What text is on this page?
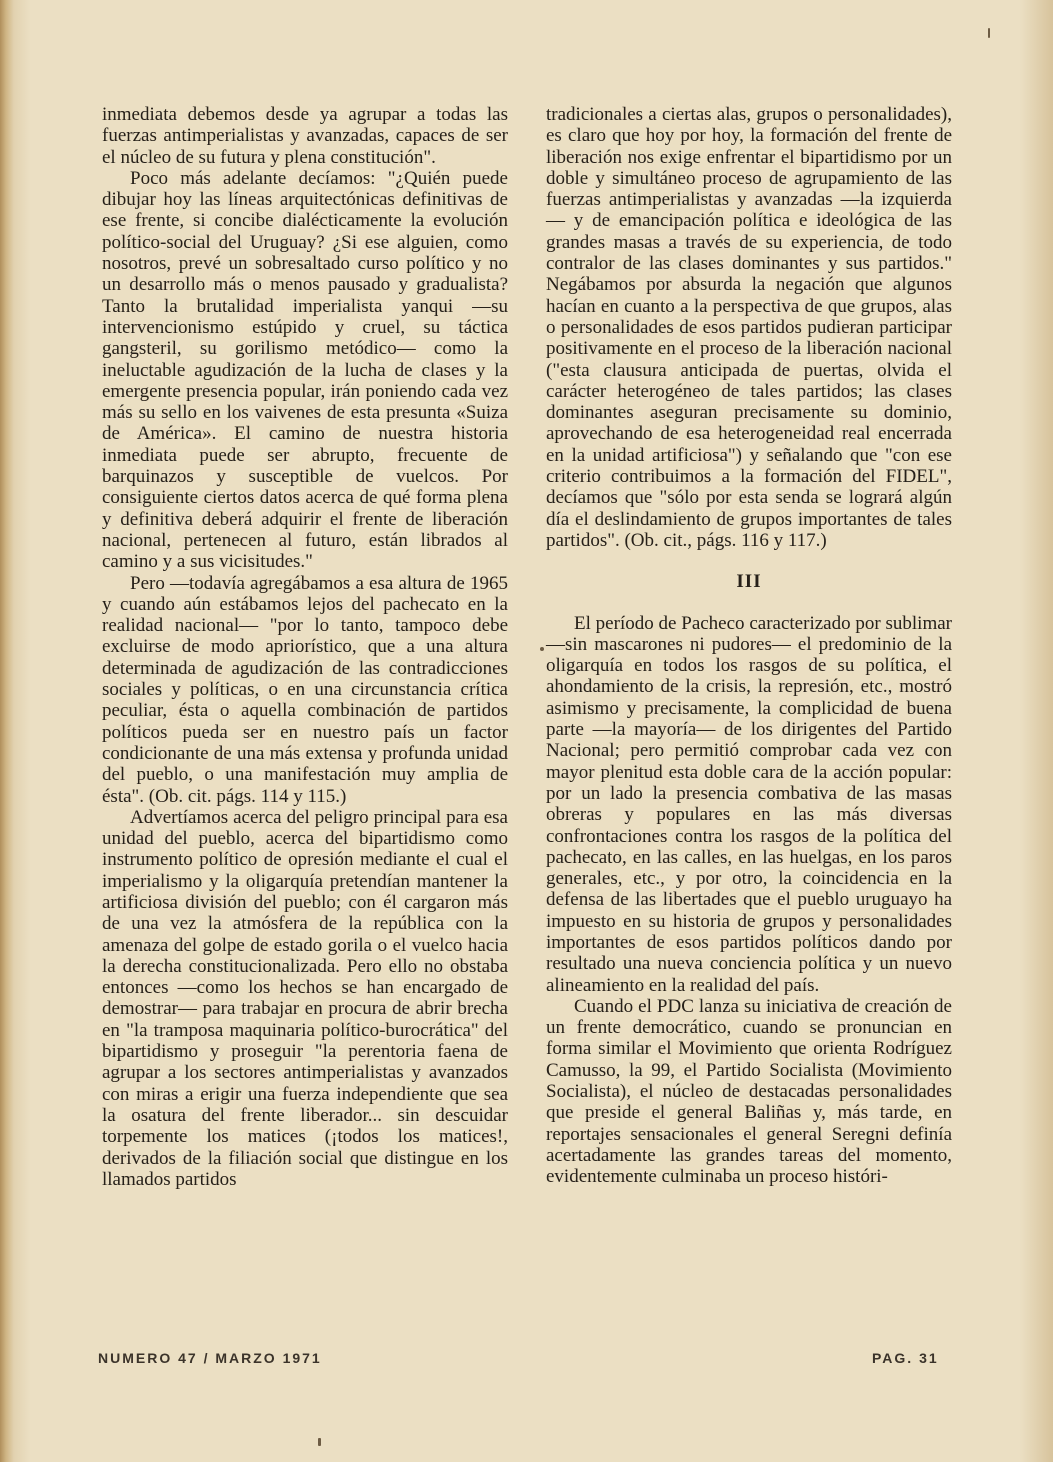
inmediata debemos desde ya agrupar a todas las fuerzas antimperialistas y avanzadas, capaces de ser el núcleo de su futura y plena constitución".

Poco más adelante decíamos: "¿Quién puede dibujar hoy las líneas arquitectónicas definitivas de ese frente, si concibe dialécticamente la evolución político-social del Uruguay? ¿Si ese alguien, como nosotros, prevé un sobresaltado curso político y no un desarrollo más o menos pausado y gradualista? Tanto la brutalidad imperialista yanqui —su intervencionismo estúpido y cruel, su táctica gangsteril, su gorilismo metódico— como la ineluctable agudización de la lucha de clases y la emergente presencia popular, irán poniendo cada vez más su sello en los vaivenes de esta presunta «Suiza de América». El camino de nuestra historia inmediata puede ser abrupto, frecuente de barquinazos y susceptible de vuelcos. Por consiguiente ciertos datos acerca de qué forma plena y definitiva deberá adquirir el frente de liberación nacional, pertenecen al futuro, están librados al camino y a sus vicisitudes."

Pero —todavía agregábamos a esa altura de 1965 y cuando aún estábamos lejos del pachecato en la realidad nacional— "por lo tanto, tampoco debe excluirse de modo apriorístico, que a una altura determinada de agudización de las contradicciones sociales y políticas, o en una circunstancia crítica peculiar, ésta o aquella combinación de partidos políticos pueda ser en nuestro país un factor condicionante de una más extensa y profunda unidad del pueblo, o una manifestación muy amplia de ésta". (Ob. cit. págs. 114 y 115.)

Advertíamos acerca del peligro principal para esa unidad del pueblo, acerca del bipartidismo como instrumento político de opresión mediante el cual el imperialismo y la oligarquía pretendían mantener la artificiosa división del pueblo; con él cargaron más de una vez la atmósfera de la república con la amenaza del golpe de estado gorila o el vuelco hacia la derecha constitucionalizada. Pero ello no obstaba entonces —como los hechos se han encargado de demostrar— para trabajar en procura de abrir brecha en "la tramposa maquinaria político-burocrática" del bipartidismo y proseguir "la perentoria faena de agrupar a los sectores antimperialistas y avanzados con miras a erigir una fuerza independiente que sea la osatura del frente liberador... sin descuidar torpemente los matices (¡todos los matices!, derivados de la filiación social que distingue en los llamados partidos

tradicionales a ciertas alas, grupos o personalidades), es claro que hoy por hoy, la formación del frente de liberación nos exige enfrentar el bipartidismo por un doble y simultáneo proceso de agrupamiento de las fuerzas antimperialistas y avanzadas —la izquierda— y de emancipación política e ideológica de las grandes masas a través de su experiencia, de todo contralor de las clases dominantes y sus partidos." Negábamos por absurda la negación que algunos hacían en cuanto a la perspectiva de que grupos, alas o personalidades de esos partidos pudieran participar positivamente en el proceso de la liberación nacional ("esta clausura anticipada de puertas, olvida el carácter heterogéneo de tales partidos; las clases dominantes aseguran precisamente su dominio, aprovechando de esa heterogeneidad real encerrada en la unidad artificiosa") y señalando que "con ese criterio contribuimos a la formación del FIDEL", decíamos que "sólo por esta senda se logrará algún día el deslindamiento de grupos importantes de tales partidos". (Ob. cit., págs. 116 y 117.)

III

El período de Pacheco caracterizado por sublimar —sin mascarones ni pudores— el predominio de la oligarquía en todos los rasgos de su política, el ahondamiento de la crisis, la represión, etc., mostró asimismo y precisamente, la complicidad de buena parte —la mayoría— de los dirigentes del Partido Nacional; pero permitió comprobar cada vez con mayor plenitud esta doble cara de la acción popular: por un lado la presencia combativa de las masas obreras y populares en las más diversas confrontaciones contra los rasgos de la política del pachecato, en las calles, en las huelgas, en los paros generales, etc., y por otro, la coincidencia en la defensa de las libertades que el pueblo uruguayo ha impuesto en su historia de grupos y personalidades importantes de esos partidos políticos dando por resultado una nueva conciencia política y un nuevo alineamiento en la realidad del país.

Cuando el PDC lanza su iniciativa de creación de un frente democrático, cuando se pronuncian en forma similar el Movimiento que orienta Rodríguez Camusso, la 99, el Partido Socialista (Movimiento Socialista), el núcleo de destacadas personalidades que preside el general Baliñas y, más tarde, en reportajes sensacionales el general Seregni definía acertadamente las grandes tareas del momento, evidentemente culminaba un proceso históri-

NUMERO 47 / MARZO 1971	PAG. 31
